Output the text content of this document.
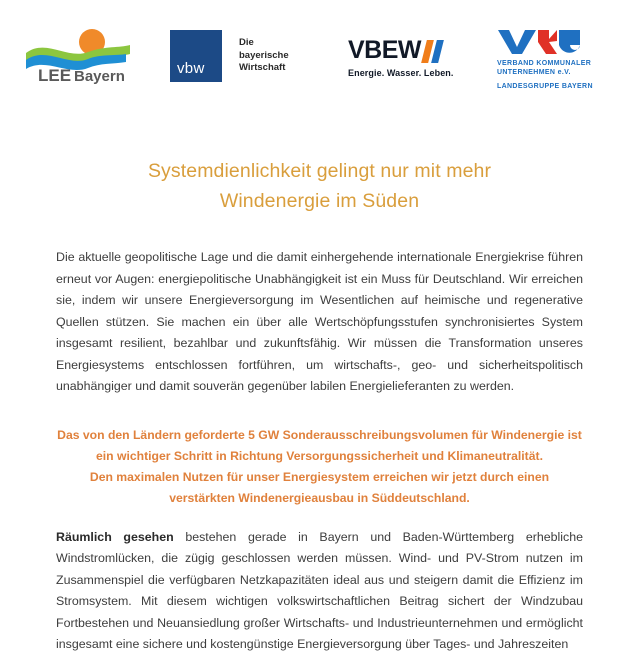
LEE Bayern	vbw
Die bayerische
Wirtschaft
VBEW
Energie. Wasser. Leben.
VERBAND KOMMUNALER
UNTERNEHMEN e.V.
LANDESGRUPPE BAYERN
Systemdienlichkeit gelingt nur mit mehr
Windenergie im Süden

Die aktuelle geopolitische Lage und die damit einhergehende internationale Energiekrise führen erneut vor Augen: energiepolitische Unabhängigkeit ist ein Muss für Deutschland. Wir erreichen sie, indem wir unsere Energieversorgung im Wesentlichen auf heimische und regenerative Quellen stützen. Sie machen ein über alle Wertschöpfungsstufen synchronisiertes System insgesamt resilient, bezahlbar und zukunftsfähig. Wir müssen die Transformation unseres Energiesystems entschlossen fortführen, um wirtschafts-, geo- und sicherheitspolitisch unabhängiger und damit souverän gegenüber labilen Energielieferanten zu werden.

Das von den Ländern geforderte 5 GW Sonderausschreibungsvolumen für Windenergie ist
ein wichtiger Schritt in Richtung Versorgungssicherheit und Klimaneutralität.
Den maximalen Nutzen für unser Energiesystem erreichen wir jetzt durch einen
verstärkten Windenergieausbau in Süddeutschland.

Räumlich gesehen bestehen gerade in Bayern und Baden-Württemberg erhebliche Windstromlücken, die zügig geschlossen werden müssen. Wind- und PV-Strom nutzen im Zusammenspiel die verfügbaren Netzkapazitäten ideal aus und steigern damit die Effizienz im Stromsystem. Mit diesem wichtigen volkswirtschaftlichen Beitrag sichert der Windzubau Fortbestehen und Neuansiedlung großer Wirtschafts- und Industrieunternehmen und ermöglicht insgesamt eine sichere und kostengünstige Energieversorgung über Tages- und Jahreszeiten
